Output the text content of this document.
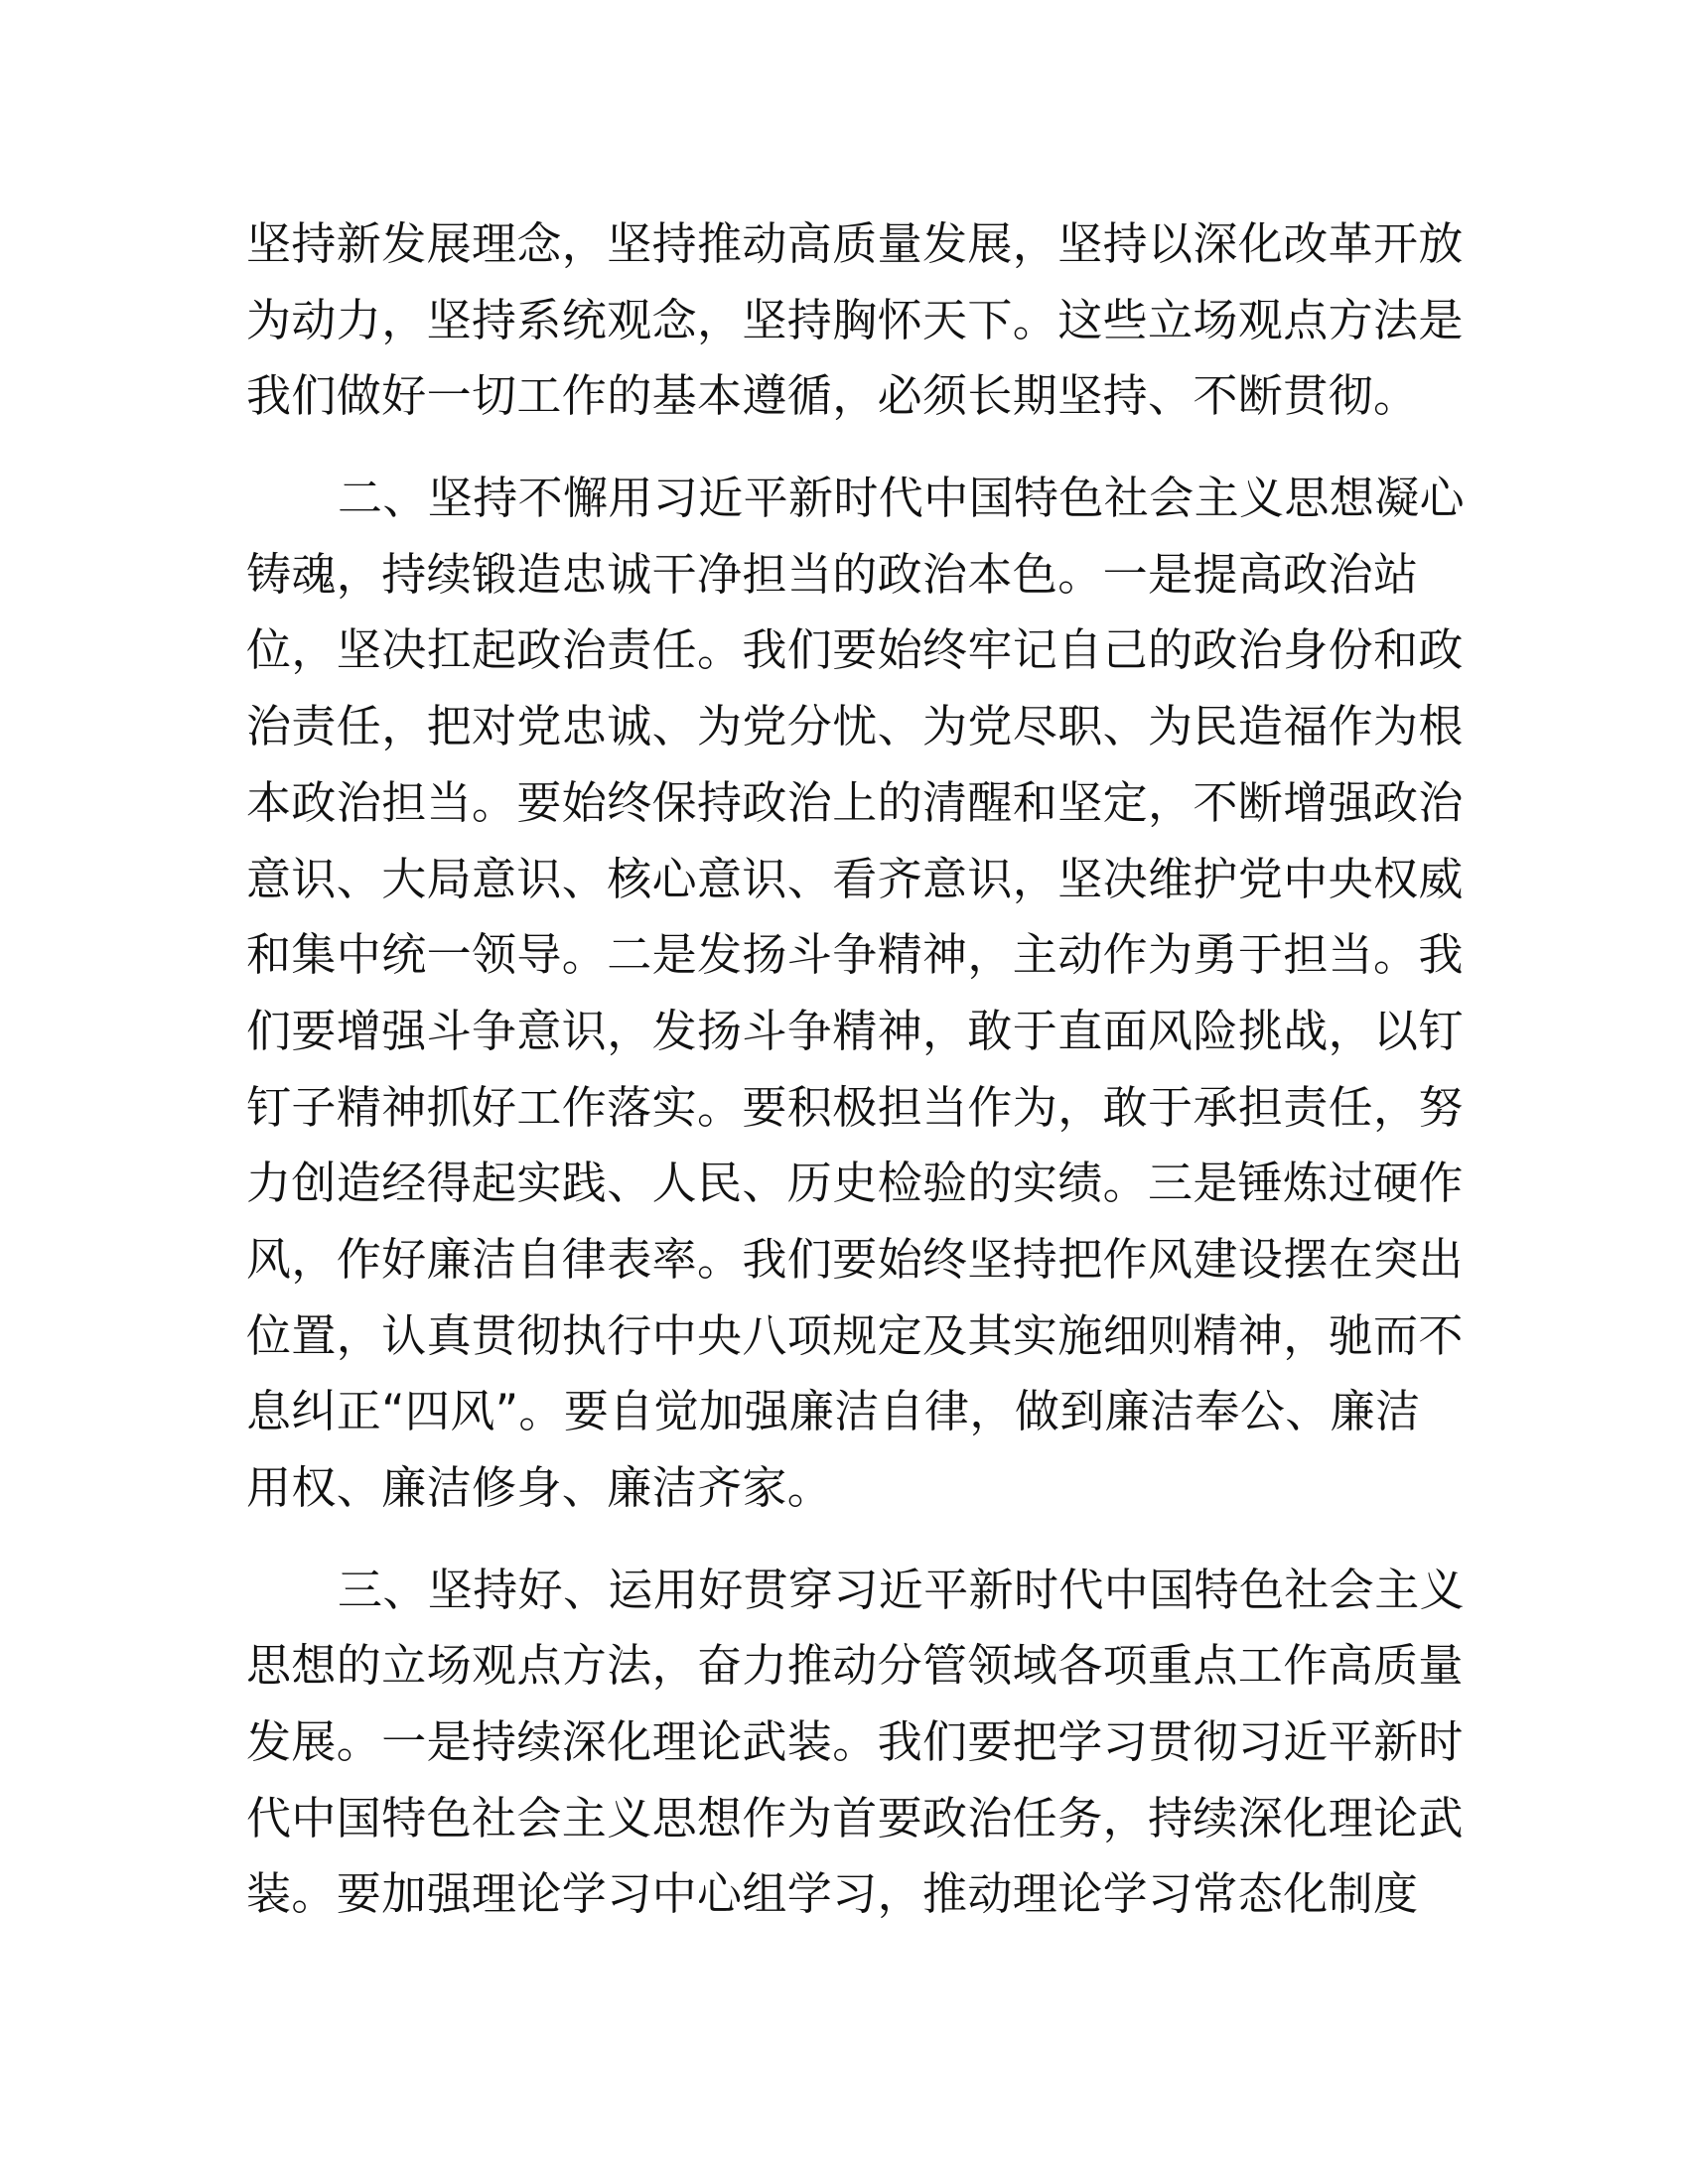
坚持新发展理念，坚持推动高质量发展，坚持以深化改革开放
为动力，坚持系统观念，坚持胸怀天下。这些立场观点方法是
我们做好一切工作的基本遵循，必须长期坚持、不断贯彻。
二、坚持不懈用习近平新时代中国特色社会主义思想凝心
铸魂，持续锻造忠诚干净担当的政治本色。一是提高政治站
位，坚决扛起政治责任。我们要始终牢记自己的政治身份和政
治责任，把对党忠诚、为党分忧、为党尽职、为民造福作为根
本政治担当。要始终保持政治上的清醒和坚定，不断增强政治
意识、大局意识、核心意识、看齐意识，坚决维护党中央权威
和集中统一领导。二是发扬斗争精神，主动作为勇于担当。我
们要增强斗争意识，发扬斗争精神，敢于直面风险挑战，以钉
钉子精神抓好工作落实。要积极担当作为，敢于承担责任，努
力创造经得起实践、人民、历史检验的实绩。三是锤炼过硬作
风，作好廉洁自律表率。我们要始终坚持把作风建设摆在突出
位置，认真贯彻执行中央八项规定及其实施细则精神，驰而不
息纠正“四风”。要自觉加强廉洁自律，做到廉洁奉公、廉洁
用权、廉洁修身、廉洁齐家。
三、坚持好、运用好贯穿习近平新时代中国特色社会主义
思想的立场观点方法，奋力推动分管领域各项重点工作高质量
发展。一是持续深化理论武装。我们要把学习贯彻习近平新时
代中国特色社会主义思想作为首要政治任务，持续深化理论武
装。要加强理论学习中心组学习，推动理论学习常态化制度
